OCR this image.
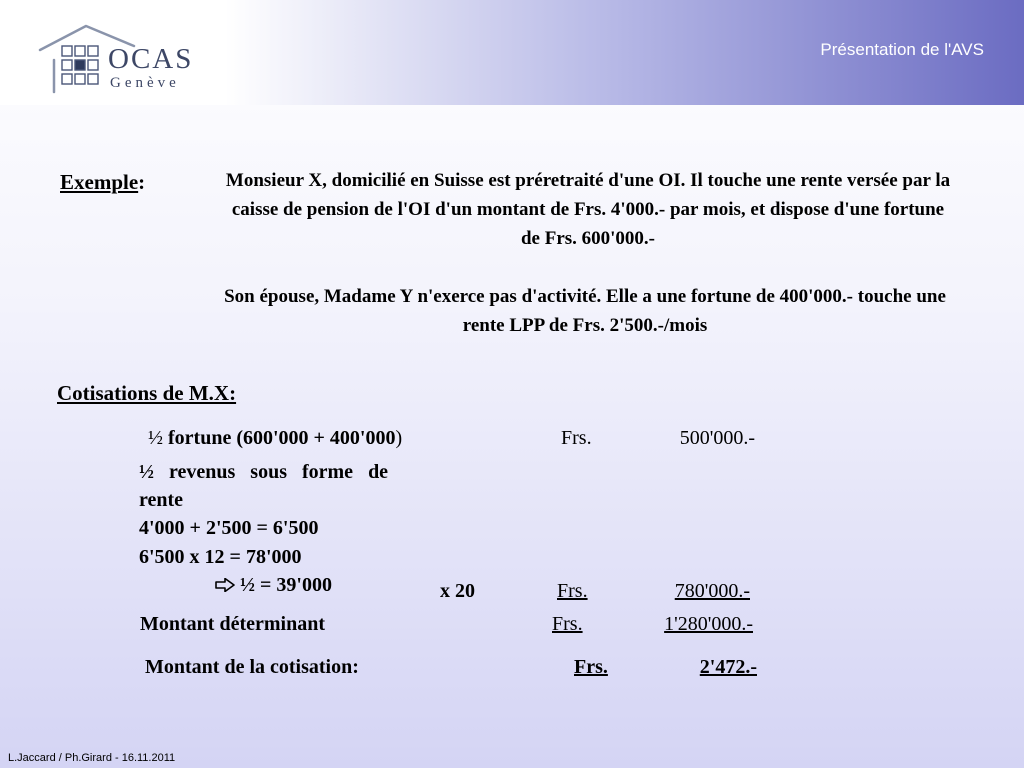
OCAS
Genève
Présentation de l'AVS
Exemple:	Monsieur X, domicilié en Suisse est préretraité d'une OI. Il touche une rente versée par la caisse de pension de l'OI d'un montant de Frs. 4'000.- par mois, et dispose d'une fortune de Frs. 600'000.-
Son épouse, Madame Y n'exerce pas d'activité. Elle a une fortune de 400'000.- touche une rente LPP de Frs. 2'500.-/mois
Cotisations de M.X:
½ fortune (600'000 + 400'000)	Frs.	500'000.-
½   revenus   sous   forme   de
rente
4'000 + 2'500 = 6'500
6'500 x 12 = 78'000
½ = 39'000	x 20	Frs.	780'000.-
Montant déterminant	Frs.	1'280'000.-
Montant de la cotisation:	Frs.	2'472.-
L.Jaccard / Ph.Girard - 16.11.2011
